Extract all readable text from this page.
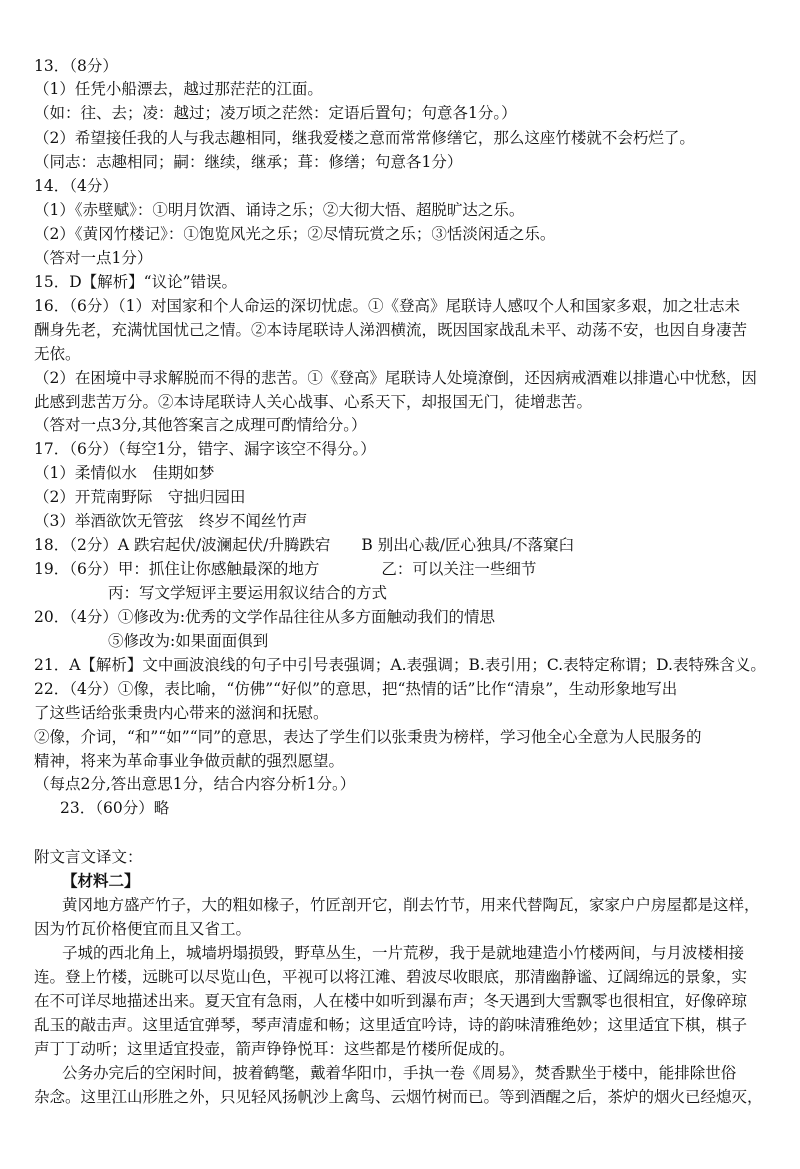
13．（8分）
（1）任凭小船漂去，越过那茫茫的江面。
（如：往、去；凌：越过；凌万顷之茫然：定语后置句；句意各1分。）
（2）希望接任我的人与我志趣相同，继我爱楼之意而常常修缮它，那么这座竹楼就不会朽烂了。
（同志：志趣相同；嗣：继续，继承；葺：修缮；句意各1分）
14．（4分）
（1）《赤壁赋》：①明月饮酒、诵诗之乐；②大彻大悟、超脱旷达之乐。
（2）《黄冈竹楼记》：①饱览风光之乐；②尽情玩赏之乐；③恬淡闲适之乐。
（答对一点1分）
15．D【解析】“议论”错误。
16．（6分）（1）对国家和个人命运的深切忧虑。①《登高》尾联诗人感叹个人和国家多艰，加之壮志未
酬身先老，充满忧国忧己之情。②本诗尾联诗人涕泗横流，既因国家战乱未平、动荡不安，也因自身凄苦
无依。
（2）在困境中寻求解脱而不得的悲苦。①《登高》尾联诗人处境潦倒，还因病戒酒难以排遣心中忧愁，因
此感到悲苦万分。②本诗尾联诗人关心战事、心系天下，却报国无门，徒增悲苦。
（答对一点3分,其他答案言之成理可酌情给分。）
17．（6分）（每空1分，错字、漏字该空不得分。）
（1）柔情似水　佳期如梦
（2）开荒南野际　守拙归园田
（3）举酒欲饮无管弦　终岁不闻丝竹声
18．（2分）A 跌宕起伏/波澜起伏/升腾跌宕　　B 别出心裁/匠心独具/不落窠臼
19．（6分）甲：抓住让你感触最深的地方　　　　乙：可以关注一些细节
丙：写文学短评主要运用叙议结合的方式
20．（4分）①修改为:优秀的文学作品往往从多方面触动我们的情思
⑤修改为:如果面面俱到
21．A【解析】文中画波浪线的句子中引号表强调；A.表强调；B.表引用；C.表特定称谓；D.表特殊含义。
22．（4分）①像，表比喻，“仿佛”“好似”的意思，把“热情的话”比作“清泉”，生动形象地写出
了这些话给张秉贵内心带来的滋润和抚慰。
②像，介词，“和”“如”“同”的意思，表达了学生们以张秉贵为榜样，学习他全心全意为人民服务的
精神，将来为革命事业争做贡献的强烈愿望。
（每点2分,答出意思1分，结合内容分析1分。）
23．（60分）略
附文言文译文：
【材料二】
黄冈地方盛产竹子，大的粗如椽子，竹匠剖开它，削去竹节，用来代替陶瓦，家家户户房屋都是这样，
因为竹瓦价格便宜而且又省工。
子城的西北角上，城墙坍塌损毁，野草丛生，一片荒秽，我于是就地建造小竹楼两间，与月波楼相接
连。登上竹楼，远眺可以尽览山色，平视可以将江滩、碧波尽收眼底，那清幽静谧、辽阔绵远的景象，实
在不可详尽地描述出来。夏天宜有急雨，人在楼中如听到瀑布声；冬天遇到大雪飘零也很相宜，好像碎琼
乱玉的敲击声。这里适宜弹琴，琴声清虚和畅；这里适宜吟诗，诗的韵味清雅绝妙；这里适宜下棋，棋子
声丁丁动听；这里适宜投壶，箭声铮铮悦耳：这些都是竹楼所促成的。
公务办完后的空闲时间，披着鹤氅，戴着华阳巾，手执一卷《周易》，焚香默坐于楼中，能排除世俗
杂念。这里江山形胜之外，只见轻风扬帆沙上禽鸟、云烟竹树而已。等到酒醒之后，茶炉的烟火已经熄灭，
